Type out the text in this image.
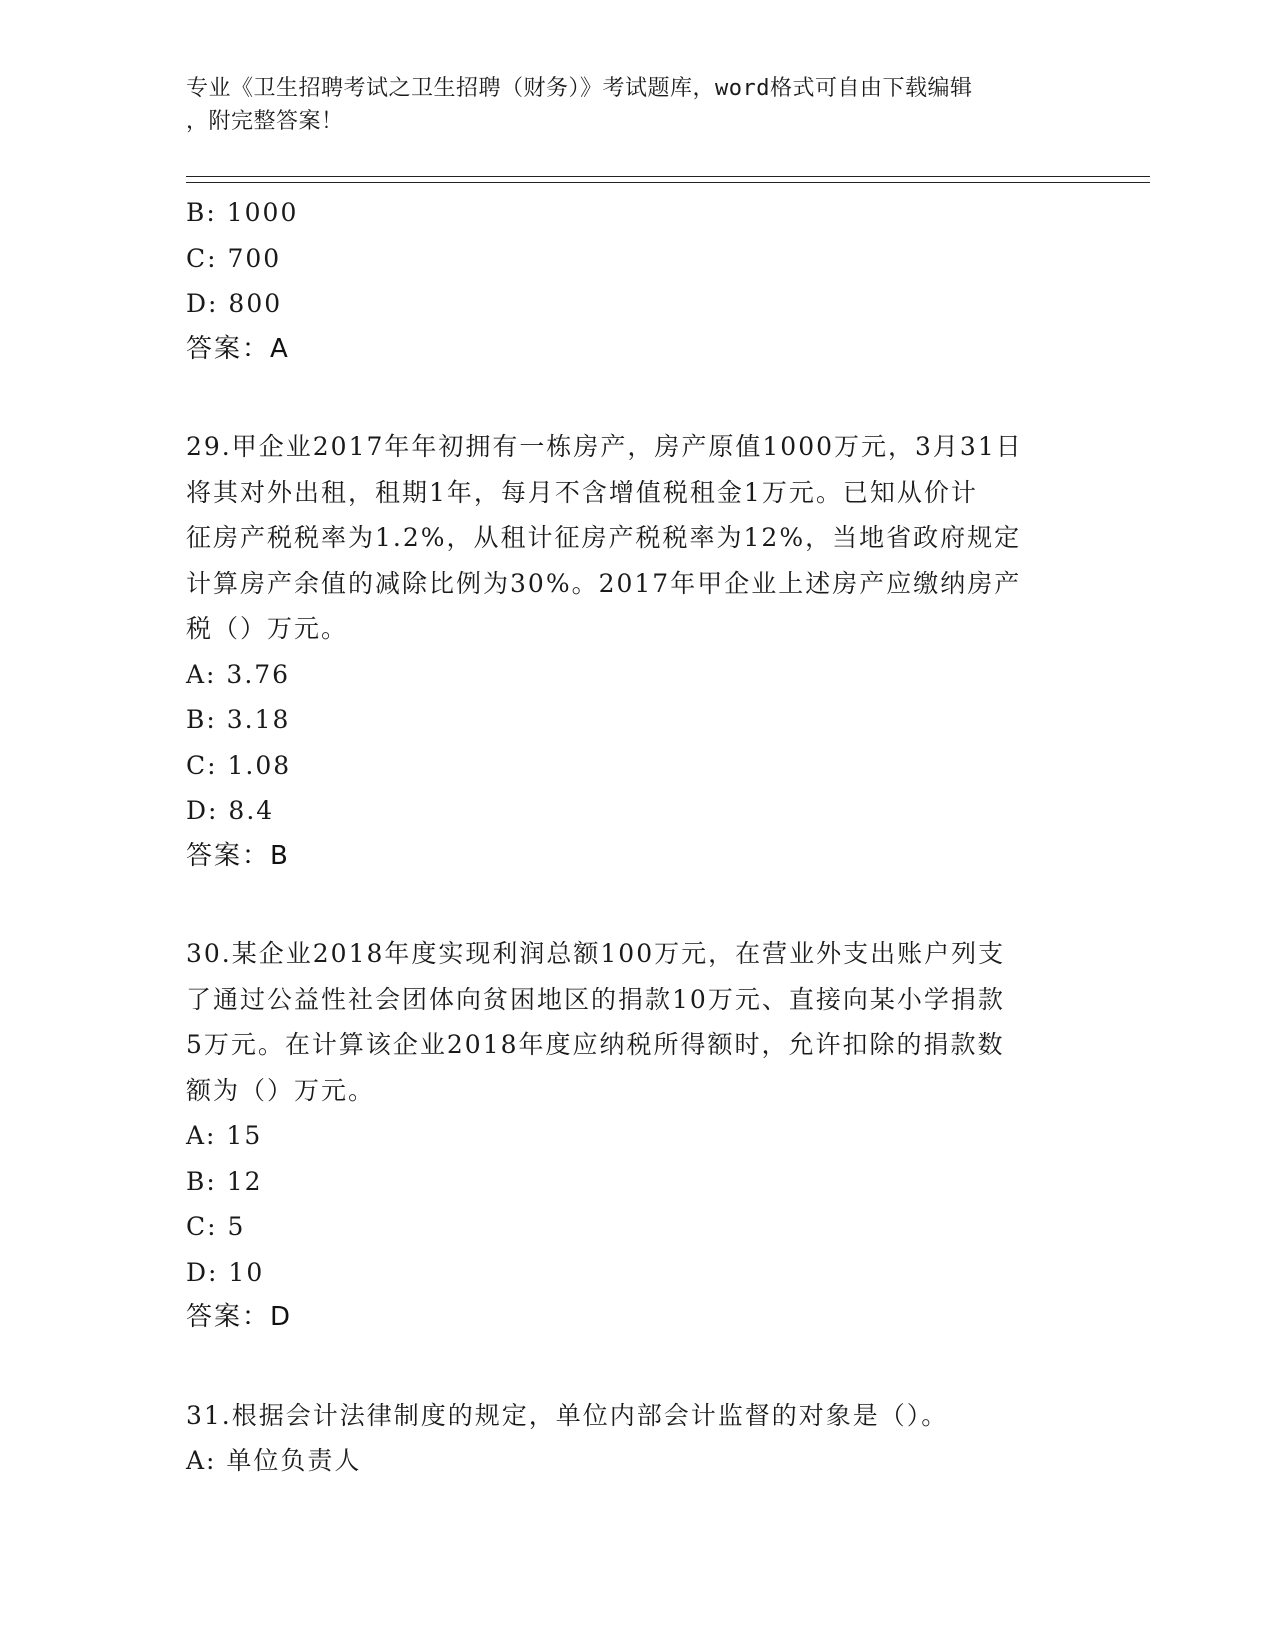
专业《卫生招聘考试之卫生招聘（财务）》考试题库，word格式可自由下载编辑
，附完整答案！
B: 1000
C: 700
D: 800
答案：A
29.甲企业2017年年初拥有一栋房产，房产原值1000万元，3月31日
将其对外出租，租期1年，每月不含增值税租金1万元。已知从价计
征房产税税率为1.2%，从租计征房产税税率为12%，当地省政府规定
计算房产余值的减除比例为30%。2017年甲企业上述房产应缴纳房产
税（）万元。
A: 3.76
B: 3.18
C: 1.08
D: 8.4
答案：B
30.某企业2018年度实现利润总额100万元，在营业外支出账户列支
了通过公益性社会团体向贫困地区的捐款10万元、直接向某小学捐款
5万元。在计算该企业2018年度应纳税所得额时，允许扣除的捐款数
额为（）万元。
A: 15
B: 12
C: 5
D: 10
答案：D
31.根据会计法律制度的规定，单位内部会计监督的对象是（）。
A: 单位负责人
